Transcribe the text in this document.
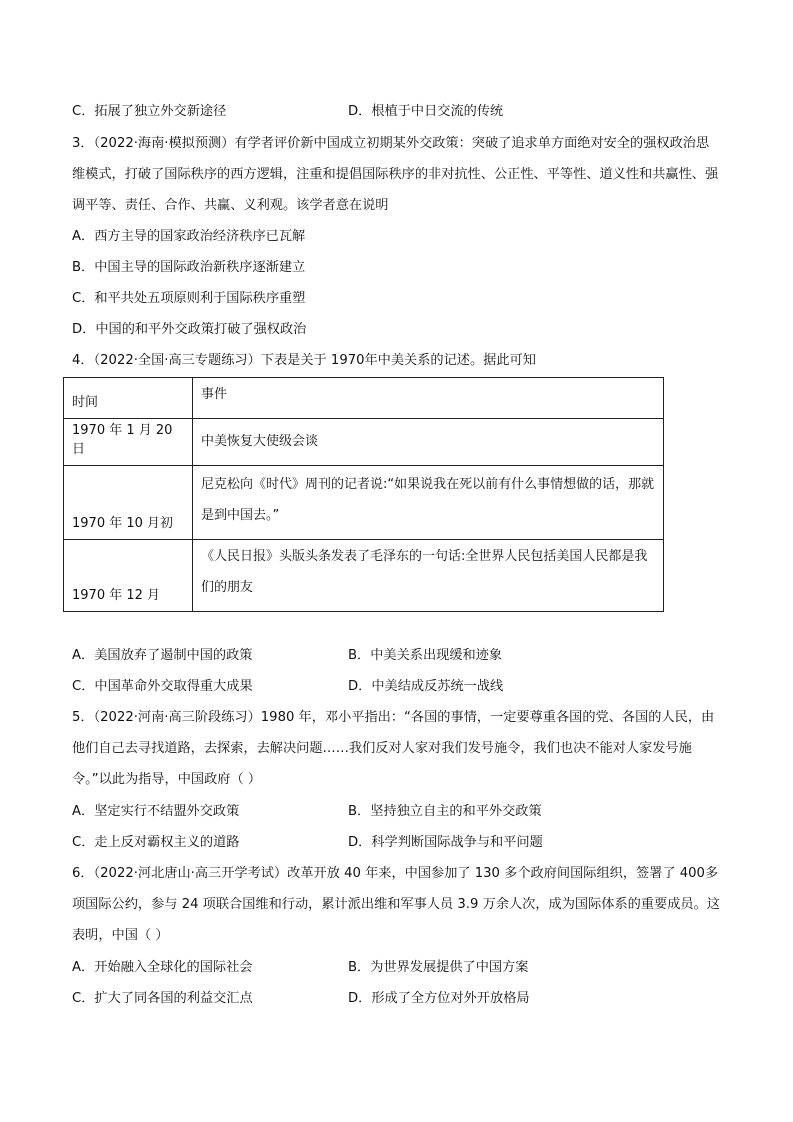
C．拓展了独立外交新途径	D．根植于中日交流的传统
3．（2022·海南·模拟预测）有学者评价新中国成立初期某外交政策：突破了追求单方面绝对安全的强权政治思维模式，打破了国际秩序的西方逻辑，注重和提倡国际秩序的非对抗性、公正性、平等性、道义性和共赢性、强调平等、责任、合作、共赢、义利观。该学者意在说明
A．西方主导的国家政治经济秩序已瓦解
B．中国主导的国际政治新秩序逐渐建立
C．和平共处五项原则利于国际秩序重塑
D．中国的和平外交政策打破了强权政治
4．（2022·全国·高三专题练习）下表是关于 1970年中美关系的记述。据此可知
时间	事件
1970 年 1 月 20日	中美恢复大使级会谈
1970 年 10 月初	尼克松向《时代》周刊的记者说:“如果说我在死以前有什么事情想做的话，那就是到中国去。”
1970 年 12 月	《人民日报》头版头条发表了毛泽东的一句话:全世界人民包括美国人民都是我们的朋友
A．美国放弃了遏制中国的政策	B．中美关系出现缓和迹象
C．中国革命外交取得重大成果	D．中美结成反苏统一战线
5．（2022·河南·高三阶段练习）1980 年，邓小平指出：“各国的事情，一定要尊重各国的党、各国的人民，由他们自己去寻找道路，去探索，去解决问题……我们反对人家对我们发号施令，我们也决不能对人家发号施令。”以此为指导，中国政府（ ）
A．坚定实行不结盟外交政策	B．坚持独立自主的和平外交政策
C．走上反对霸权主义的道路	D．科学判断国际战争与和平问题
6．（2022·河北唐山·高三开学考试）改革开放 40 年来，中国参加了 130 多个政府间国际组织，签署了 400多项国际公约，参与 24 项联合国维和行动，累计派出维和军事人员 3.9 万余人次，成为国际体系的重要成员。这表明，中国（ ）
A．开始融入全球化的国际社会	B．为世界发展提供了中国方案
C．扩大了同各国的利益交汇点	D．形成了全方位对外开放格局
